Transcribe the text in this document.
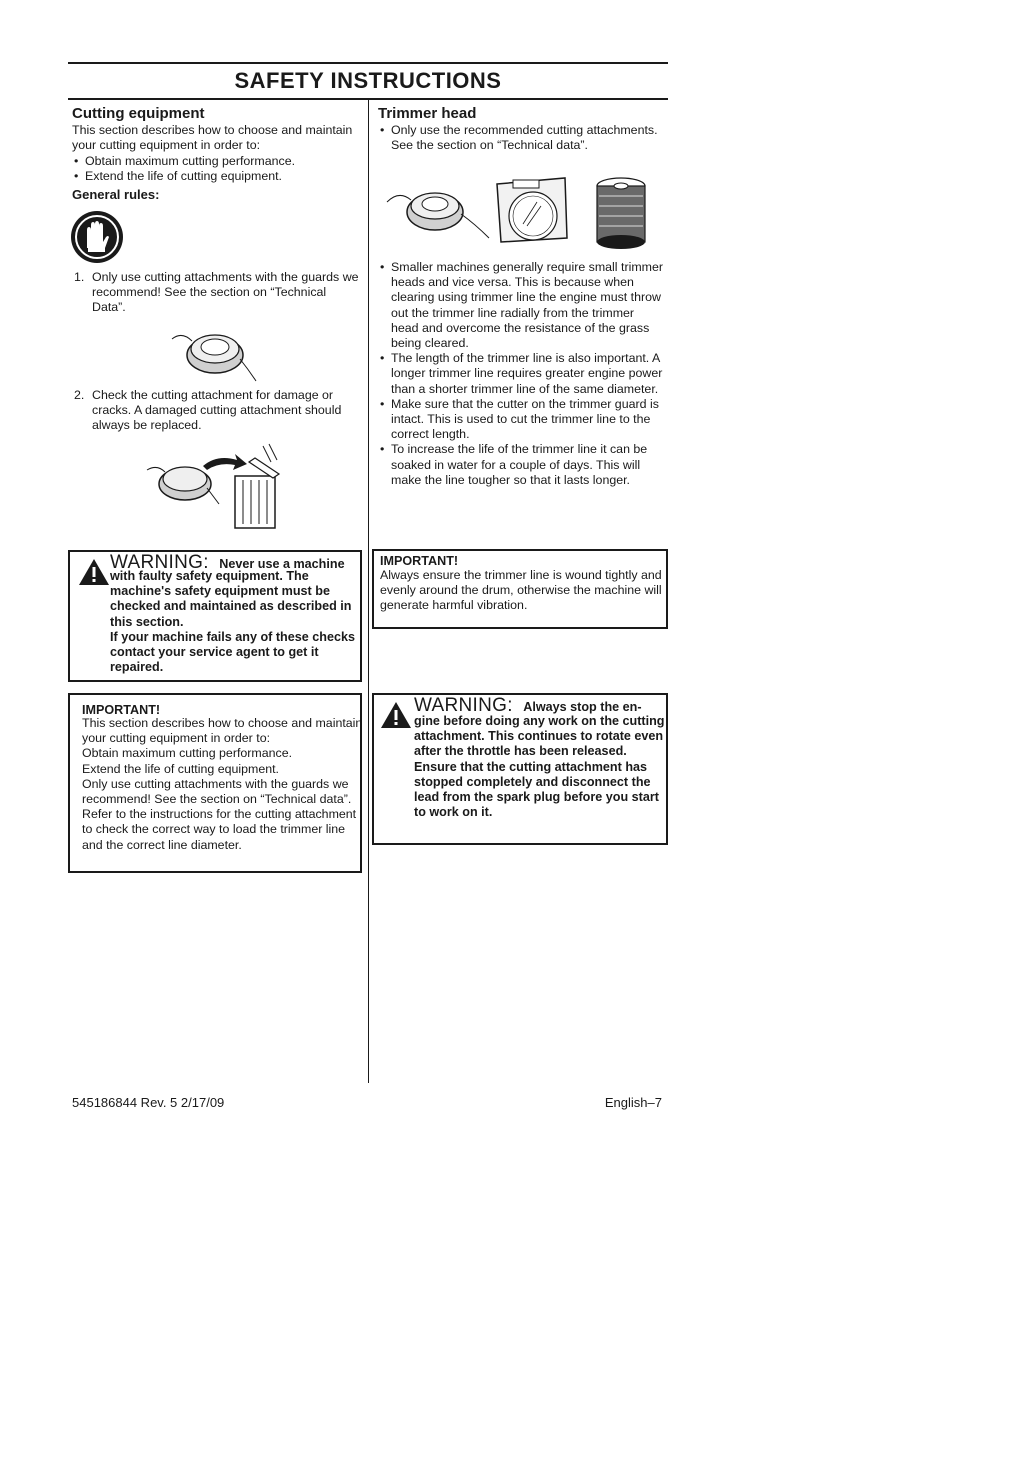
SAFETY INSTRUCTIONS
Cutting equipment
This section describes how to choose and maintain your cutting equipment in order to:
• Obtain maximum cutting performance.
• Extend the life of cutting equipment.
General rules:
1. Only use cutting attachments with the guards we recommend! See the section on “Technical Data”.
2. Check the cutting attachment for damage or cracks. A damaged cutting attachment should always be replaced.
WARNING: Never use a machine
with faulty safety equipment. The machine's safety equipment must be checked and maintained as described in this section.
If your machine fails any of these checks contact your service agent to get it repaired.
IMPORTANT!
This section describes how to choose and maintain your cutting equipment in order to:
Obtain maximum cutting performance.
Extend the life of cutting equipment.
Only use cutting attachments with the guards we recommend! See the section on “Technical data”.
Refer to the instructions for the cutting attachment to check the correct way to load the trimmer line and the correct line diameter.
Trimmer head
• Only use the recommended cutting attachments. See the section on “Technical data”.
• Smaller machines generally require small trimmer heads and vice versa. This is because when clearing using trimmer line the engine must throw out the trimmer line radially from the trimmer head and overcome the resistance of the grass being cleared.
• The length of the trimmer line is also important. A longer trimmer line requires greater engine power than a shorter trimmer line of the same diameter.
• Make sure that the cutter on the trimmer guard is intact. This is used to cut the trimmer line to the correct length.
• To increase the life of the trimmer line it can be soaked in water for a couple of days. This will make the line tougher so that it lasts longer.
IMPORTANT!
Always ensure the trimmer line is wound tightly and evenly around the drum, otherwise the machine will generate harmful vibration.
WARNING: Always stop the en-
gine before doing any work on the cutting attachment. This continues to rotate even after the throttle has been released. Ensure that the cutting attachment has stopped completely and disconnect the lead from the spark plug before you start to work on it.
545186844 Rev. 5 2/17/09	English–7
